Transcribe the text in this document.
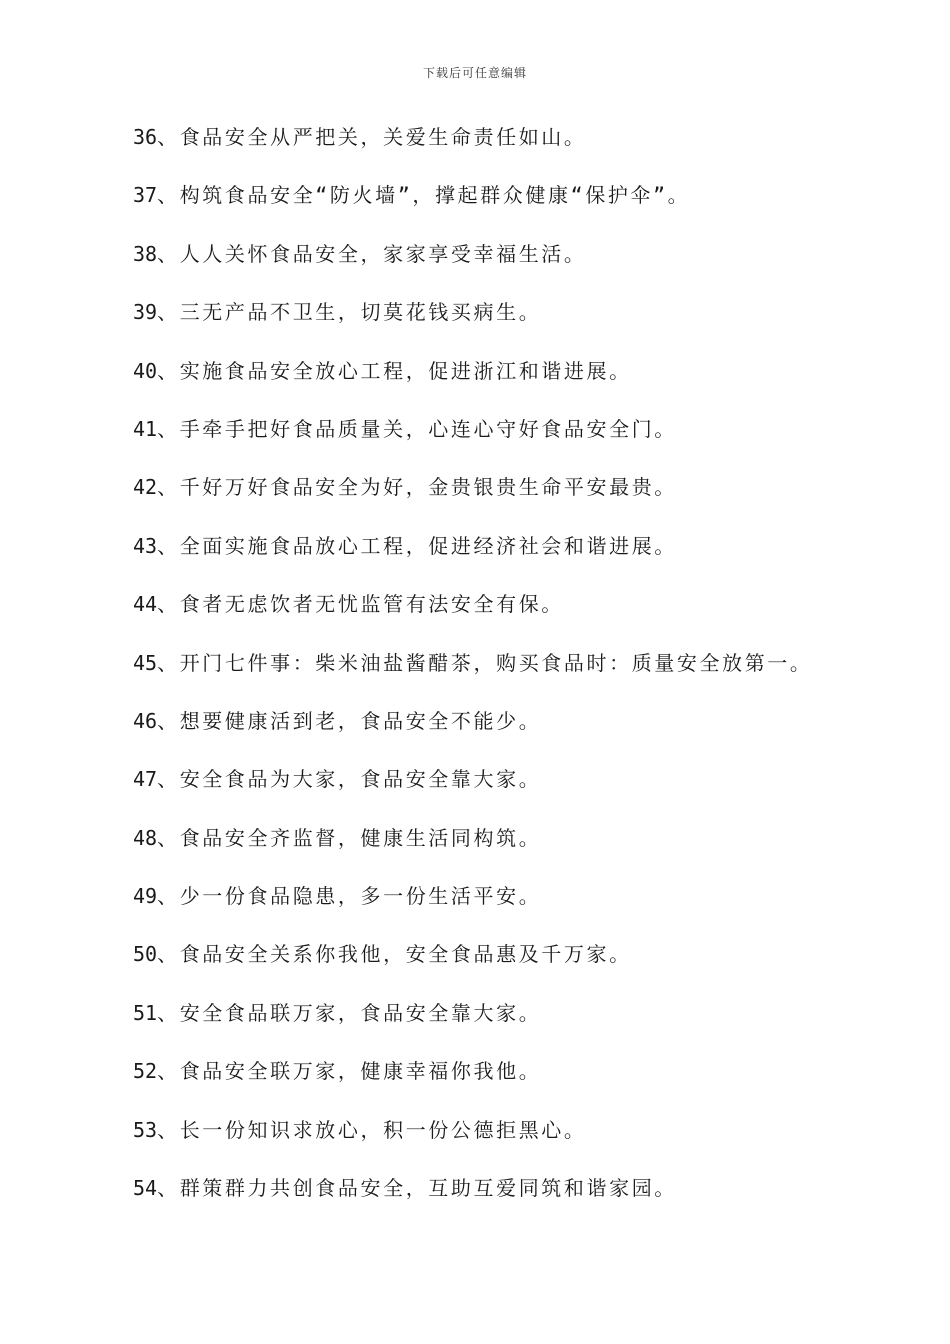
下载后可任意编辑
36、食品安全从严把关，关爱生命责任如山。
37、构筑食品安全“防火墙”，撑起群众健康“保护伞”。
38、人人关怀食品安全，家家享受幸福生活。
39、三无产品不卫生，切莫花钱买病生。
40、实施食品安全放心工程，促进浙江和谐进展。
41、手牵手把好食品质量关，心连心守好食品安全门。
42、千好万好食品安全为好，金贵银贵生命平安最贵。
43、全面实施食品放心工程，促进经济社会和谐进展。
44、食者无虑饮者无忧监管有法安全有保。
45、开门七件事：柴米油盐酱醋茶，购买食品时：质量安全放第一。
46、想要健康活到老，食品安全不能少。
47、安全食品为大家，食品安全靠大家。
48、食品安全齐监督，健康生活同构筑。
49、少一份食品隐患，多一份生活平安。
50、食品安全关系你我他，安全食品惠及千万家。
51、安全食品联万家，食品安全靠大家。
52、食品安全联万家，健康幸福你我他。
53、长一份知识求放心，积一份公德拒黑心。
54、群策群力共创食品安全，互助互爱同筑和谐家园。
